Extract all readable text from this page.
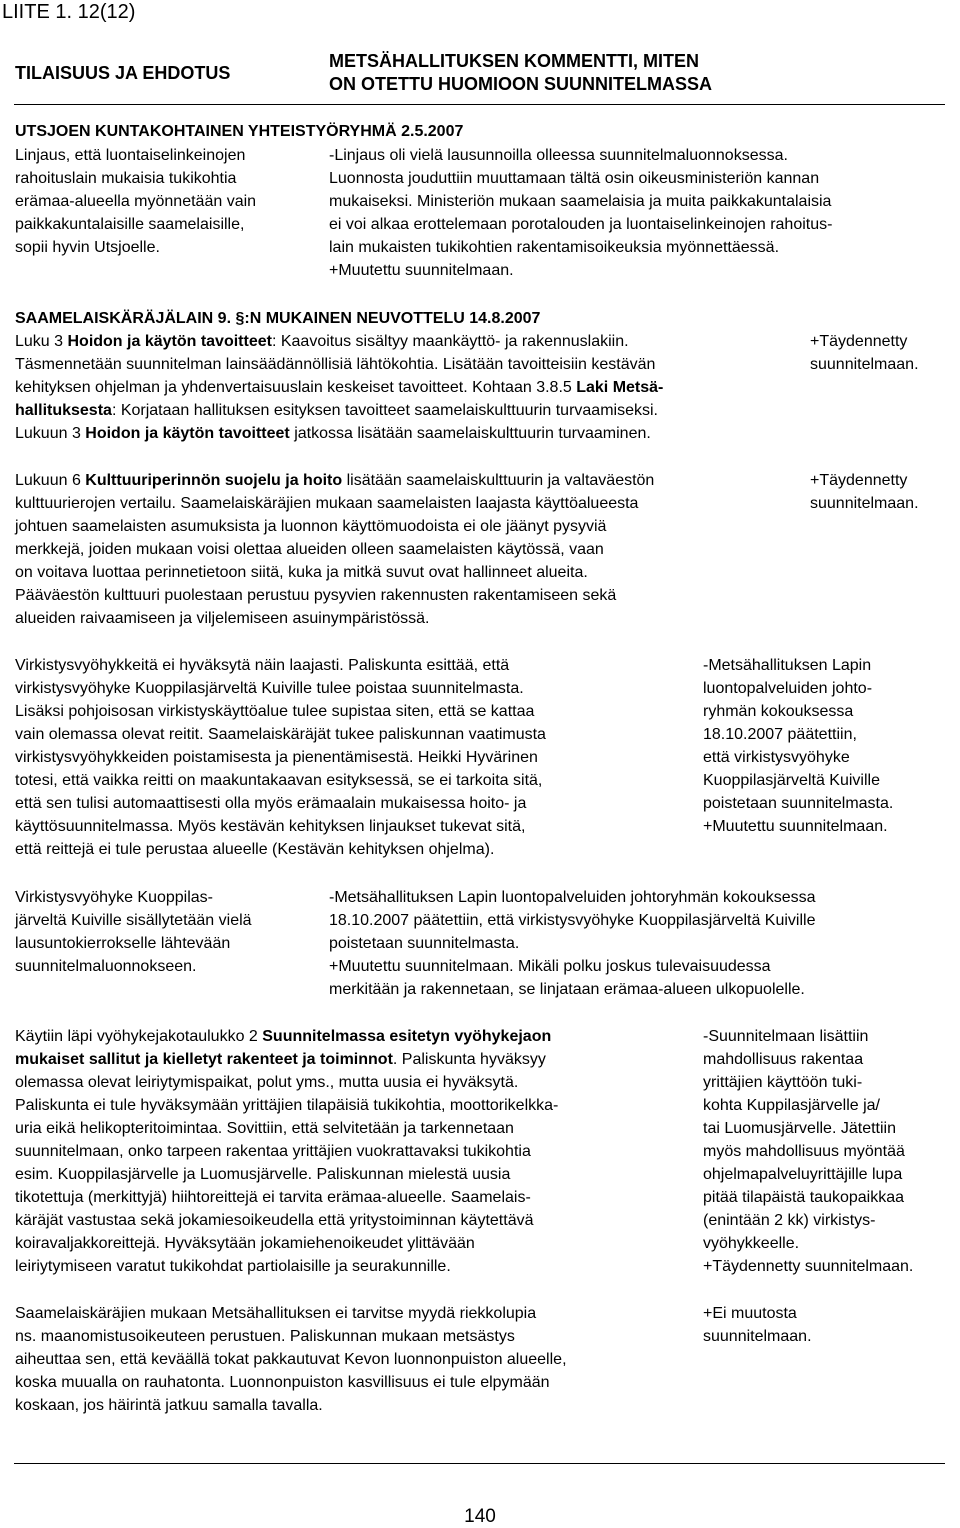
LIITE 1. 12(12)
TILAISUUS JA EHDOTUS
METSÄHALLITUKSEN KOMMENTTI, MITEN
ON OTETTU HUOMIOON SUUNNITELMASSA
UTSJOEN KUNTAKOHTAINEN YHTEISTYÖRYHMÄ 2.5.2007
Linjaus, että luontaiselinkeinojen
rahoituslain mukaisia tukikohtia
erämaa-alueella myönnetään vain
paikkakuntalaisille saamelaisille,
sopii hyvin Utsjoelle.
-Linjaus oli vielä lausunnoilla olleessa suunnitelmaluonnoksessa.
Luonnosta jouduttiin muuttamaan tältä osin oikeusministeriön kannan
mukaiseksi. Ministeriön mukaan saamelaisia ja muita paikkakuntalaisia
ei voi alkaa erottelemaan porotalouden ja luontaiselinkeinojen rahoitus-
lain mukaisten tukikohtien rakentamisoikeuksia myönnettäessä.
+Muutettu suunnitelmaan.
SAAMELAISKÄRÄJÄLAIN 9. §:N MUKAINEN NEUVOTTELU 14.8.2007
Luku 3 Hoidon ja käytön tavoitteet: Kaavoitus sisältyy maankäyttö- ja rakennuslakiin.
Täsmennetään suunnitelman lainsäädännöllisiä lähtökohtia. Lisätään tavoitteisiin kestävän
kehityksen ohjelman ja yhdenvertaisuuslain keskeiset tavoitteet. Kohtaan 3.8.5 Laki Metsä-
hallituksesta: Korjataan hallituksen esityksen tavoitteet saamelaiskulttuurin turvaamiseksi.
Lukuun 3 Hoidon ja käytön tavoitteet jatkossa lisätään saamelaiskulttuurin turvaaminen.
+Täydennetty
suunnitelmaan.
Lukuun 6 Kulttuuriperinnön suojelu ja hoito lisätään saamelaiskulttuurin ja valtaväestön
kulttuurierojen vertailu. Saamelaiskäräjien mukaan saamelaisten laajasta käyttöalueesta
johtuen saamelaisten asumuksista ja luonnon käyttömuodoista ei ole jäänyt pysyviä
merkkejä, joiden mukaan voisi olettaa alueiden olleen saamelaisten käytössä, vaan
on voitava luottaa perinnetietoon siitä, kuka ja mitkä suvut ovat hallinneet alueita.
Pääväestön kulttuuri puolestaan perustuu pysyvien rakennusten rakentamiseen sekä
alueiden raivaamiseen ja viljelemiseen asuinympäristössä.
+Täydennetty
suunnitelmaan.
Virkistysvyöhykkeitä ei hyväksytä näin laajasti. Paliskunta esittää, että
virkistysvyöhyke Kuoppilasjärveltä Kuiville tulee poistaa suunnitelmasta.
Lisäksi pohjoisosan virkistyskäyttöalue tulee supistaa siten, että se kattaa
vain olemassa olevat reitit. Saamelaiskäräjät tukee paliskunnan vaatimusta
virkistysvyöhykkeiden poistamisesta ja pienentämisestä. Heikki Hyvärinen
totesi, että vaikka reitti on maakuntakaavan esityksessä, se ei tarkoita sitä,
että sen tulisi automaattisesti olla myös erämaalain mukaisessa hoito- ja
käyttösuunnitelmassa. Myös kestävän kehityksen linjaukset tukevat sitä,
että reittejä ei tule perustaa alueelle (Kestävän kehityksen ohjelma).
-Metsähallituksen Lapin
luontopalveluiden johto-
ryhmän kokouksessa
18.10.2007 päätettiin,
että virkistysvyöhyke
Kuoppilasjärveltä Kuiville
poistetaan suunnitelmasta.
+Muutettu suunnitelmaan.
Virkistysvyöhyke Kuoppilas-
järveltä Kuiville sisällytetään vielä
lausuntokierrokselle lähtevään
suunnitelmaluonnokseen.
-Metsähallituksen Lapin luontopalveluiden johtoryhmän kokouksessa
18.10.2007 päätettiin, että virkistysvyöhyke Kuoppilasjärveltä Kuiville
poistetaan suunnitelmasta.
+Muutettu suunnitelmaan. Mikäli polku joskus tulevaisuudessa
merkitään ja rakennetaan, se linjataan erämaa-alueen ulkopuolelle.
Käytiin läpi vyöhykejakotaulukko 2 Suunnitelmassa esitetyn vyöhykejaon
mukaiset sallitut ja kielletyt rakenteet ja toiminnot. Paliskunta hyväksyy
olemassa olevat leiriytymispaikat, polut yms., mutta uusia ei hyväksytä.
Paliskunta ei tule hyväksymään yrittäjien tilapäisiä tukikohtia, moottorikelkka-
uria eikä helikopteritoimintaa. Sovittiin, että selvitetään ja tarkennetaan
suunnitelmaan, onko tarpeen rakentaa yrittäjien vuokrattavaksi tukikohtia
esim. Kuoppilasjärvelle ja Luomusjärvelle. Paliskunnan mielestä uusia
tikotettuja (merkittyjä) hiihtoreittejä ei tarvita erämaa-alueelle. Saamelais-
käräjät vastustaa sekä jokamiesoikeudella että yritystoiminnan käytettävä
koiravaljakkoreittejä. Hyväksytään jokamiehenoikeudet ylittävään
leiriytymiseen varatut tukikohdat partiolaisille ja seurakunnille.
-Suunnitelmaan lisättiin
mahdollisuus rakentaa
yrittäjien käyttöön tuki-
kohta Kuppilasjärvelle ja/
tai Luomusjärvelle. Jätettiin
myös mahdollisuus myöntää
ohjelmapalveluyrittäjille lupa
pitää tilapäistä taukopaikkaa
(enintään 2 kk) virkistys-
vyöhykkeelle.
+Täydennetty suunnitelmaan.
Saamelaiskäräjien mukaan Metsähallituksen ei tarvitse myydä riekkolupia
ns. maanomistusoikeuteen perustuen. Paliskunnan mukaan metsästys
aiheuttaa sen, että keväällä tokat pakkautuvat Kevon luonnonpuiston alueelle,
koska muualla on rauhatonta. Luonnonpuiston kasvillisuus ei tule elpymään
koskaan, jos häirintä jatkuu samalla tavalla.
+Ei muutosta
suunnitelmaan.
140
